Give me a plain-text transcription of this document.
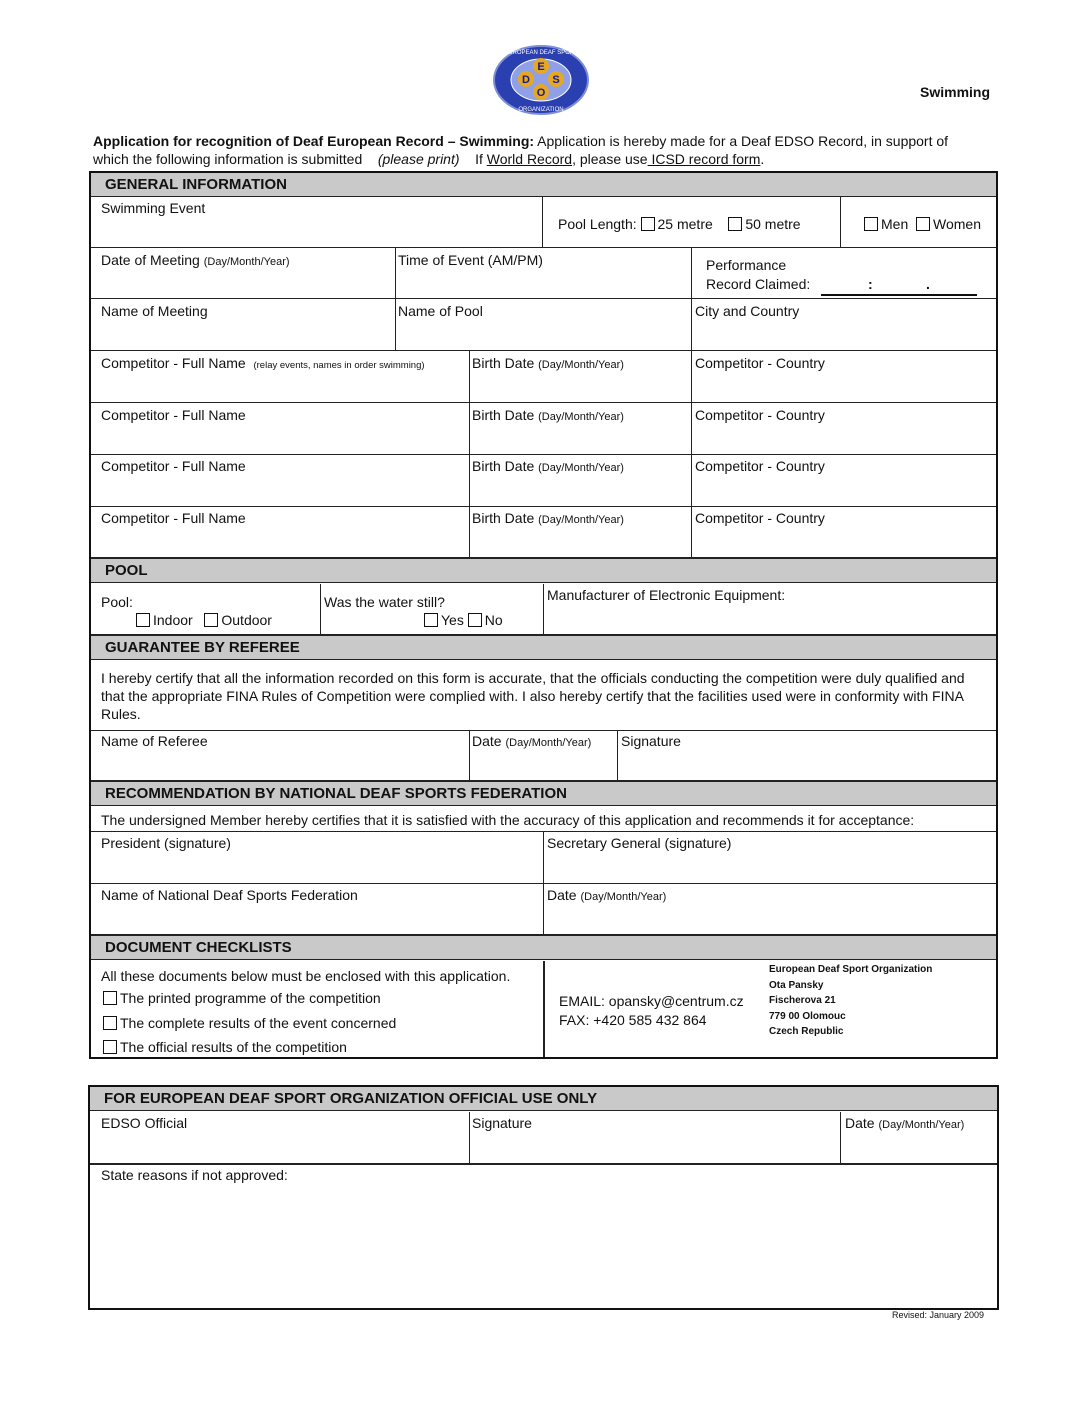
E
D S
O
EUROPEAN DEAF SPORT
ORGANIZATION
Swimming
Application for recognition of Deaf European Record – Swimming: Application is hereby made for a Deaf EDSO Record, in support of
which the following information is submitted (please print) If World Record, please use ICSD record form.
GENERAL INFORMATION
Swimming Event
Pool Length: 25 metre 50 metre	Men Women
Date of Meeting (Day/Month/Year)	Time of Event (AM/PM)	Performance
Record Claimed:	:	.
Name of Meeting	Name of Pool	City and Country
Competitor - Full Name (relay events, names in order swimming)	Birth Date (Day/Month/Year)	Competitor - Country
Competitor - Full Name	Birth Date (Day/Month/Year)	Competitor - Country
Competitor - Full Name	Birth Date (Day/Month/Year)	Competitor - Country
Competitor - Full Name	Birth Date (Day/Month/Year)	Competitor - Country
POOL
Pool:
Indoor Outdoor
Was the water still?
Yes No
Manufacturer of Electronic Equipment:
GUARANTEE BY REFEREE
I hereby certify that all the information recorded on this form is accurate, that the officials conducting the competition were duly qualified and
that the appropriate FINA Rules of Competition were complied with. I also hereby certify that the facilities used were in conformity with FINA
Rules.
Name of Referee	Date (Day/Month/Year) Signature
RECOMMENDATION BY NATIONAL DEAF SPORTS FEDERATION
The undersigned Member hereby certifies that it is satisfied with the accuracy of this application and recommends it for acceptance:
President (signature)	Secretary General (signature)
Name of National Deaf Sports Federation	Date (Day/Month/Year)
DOCUMENT CHECKLISTS
All these documents below must be enclosed with this application.
The printed programme of the competition
The complete results of the event concerned
The official results of the competition
EMAIL: opansky@centrum.cz
FAX: +420 585 432 864
European Deaf Sport Organization
Ota Pansky
Fischerova 21
779 00 Olomouc
Czech Republic
FOR EUROPEAN DEAF SPORT ORGANIZATION OFFICIAL USE ONLY
EDSO Official	Signature	Date (Day/Month/Year)
State reasons if not approved:
Revised: January 2009
